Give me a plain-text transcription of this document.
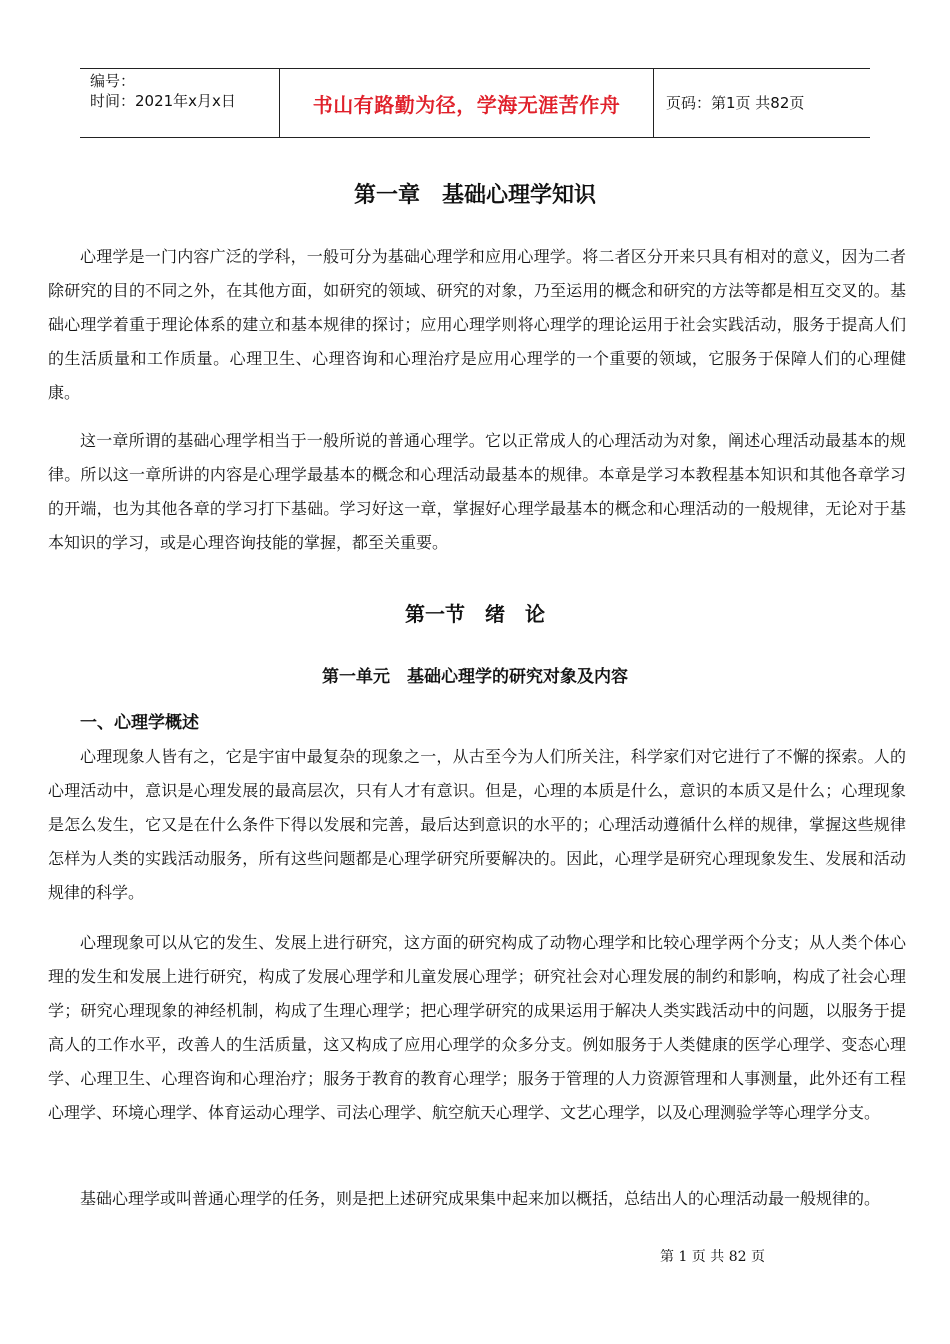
编号：
时间：2021年x月x日	书山有路勤为径，学海无涯苦作舟	页码：第1页 共82页
第一章　基础心理学知识

心理学是一门内容广泛的学科，一般可分为基础心理学和应用心理学。将二者区分开来只具有相对的意义，因为二者除研究的目的不同之外，在其他方面，如研究的领域、研究的对象，乃至运用的概念和研究的方法等都是相互交叉的。基础心理学着重于理论体系的建立和基本规律的探讨；应用心理学则将心理学的理论运用于社会实践活动，服务于提高人们的生活质量和工作质量。心理卫生、心理咨询和心理治疗是应用心理学的一个重要的领域，它服务于保障人们的心理健康。

这一章所谓的基础心理学相当于一般所说的普通心理学。它以正常成人的心理活动为对象，阐述心理活动最基本的规律。所以这一章所讲的内容是心理学最基本的概念和心理活动最基本的规律。本章是学习本教程基本知识和其他各章学习的开端，也为其他各章的学习打下基础。学习好这一章，掌握好心理学最基本的概念和心理活动的一般规律，无论对于基本知识的学习，或是心理咨询技能的掌握，都至关重要。

第一节　绪　论
第一单元　基础心理学的研究对象及内容

一、心理学概述

心理现象人皆有之，它是宇宙中最复杂的现象之一，从古至今为人们所关注，科学家们对它进行了不懈的探索。人的心理活动中，意识是心理发展的最高层次，只有人才有意识。但是，心理的本质是什么，意识的本质又是什么；心理现象是怎么发生，它又是在什么条件下得以发展和完善，最后达到意识的水平的；心理活动遵循什么样的规律，掌握这些规律怎样为人类的实践活动服务，所有这些问题都是心理学研究所要解决的。因此，心理学是研究心理现象发生、发展和活动规律的科学。

心理现象可以从它的发生、发展上进行研究，这方面的研究构成了动物心理学和比较心理学两个分支；从人类个体心理的发生和发展上进行研究，构成了发展心理学和儿童发展心理学；研究社会对心理发展的制约和影响，构成了社会心理学；研究心理现象的神经机制，构成了生理心理学；把心理学研究的成果运用于解决人类实践活动中的问题，以服务于提高人的工作水平，改善人的生活质量，这又构成了应用心理学的众多分支。例如服务于人类健康的医学心理学、变态心理学、心理卫生、心理咨询和心理治疗；服务于教育的教育心理学；服务于管理的人力资源管理和人事测量，此外还有工程心理学、环境心理学、体育运动心理学、司法心理学、航空航天心理学、文艺心理学，以及心理测验学等心理学分支。

基础心理学或叫普通心理学的任务，则是把上述研究成果集中起来加以概括，总结出人的心理活动最一般规律的。

第 1 页 共 82 页
